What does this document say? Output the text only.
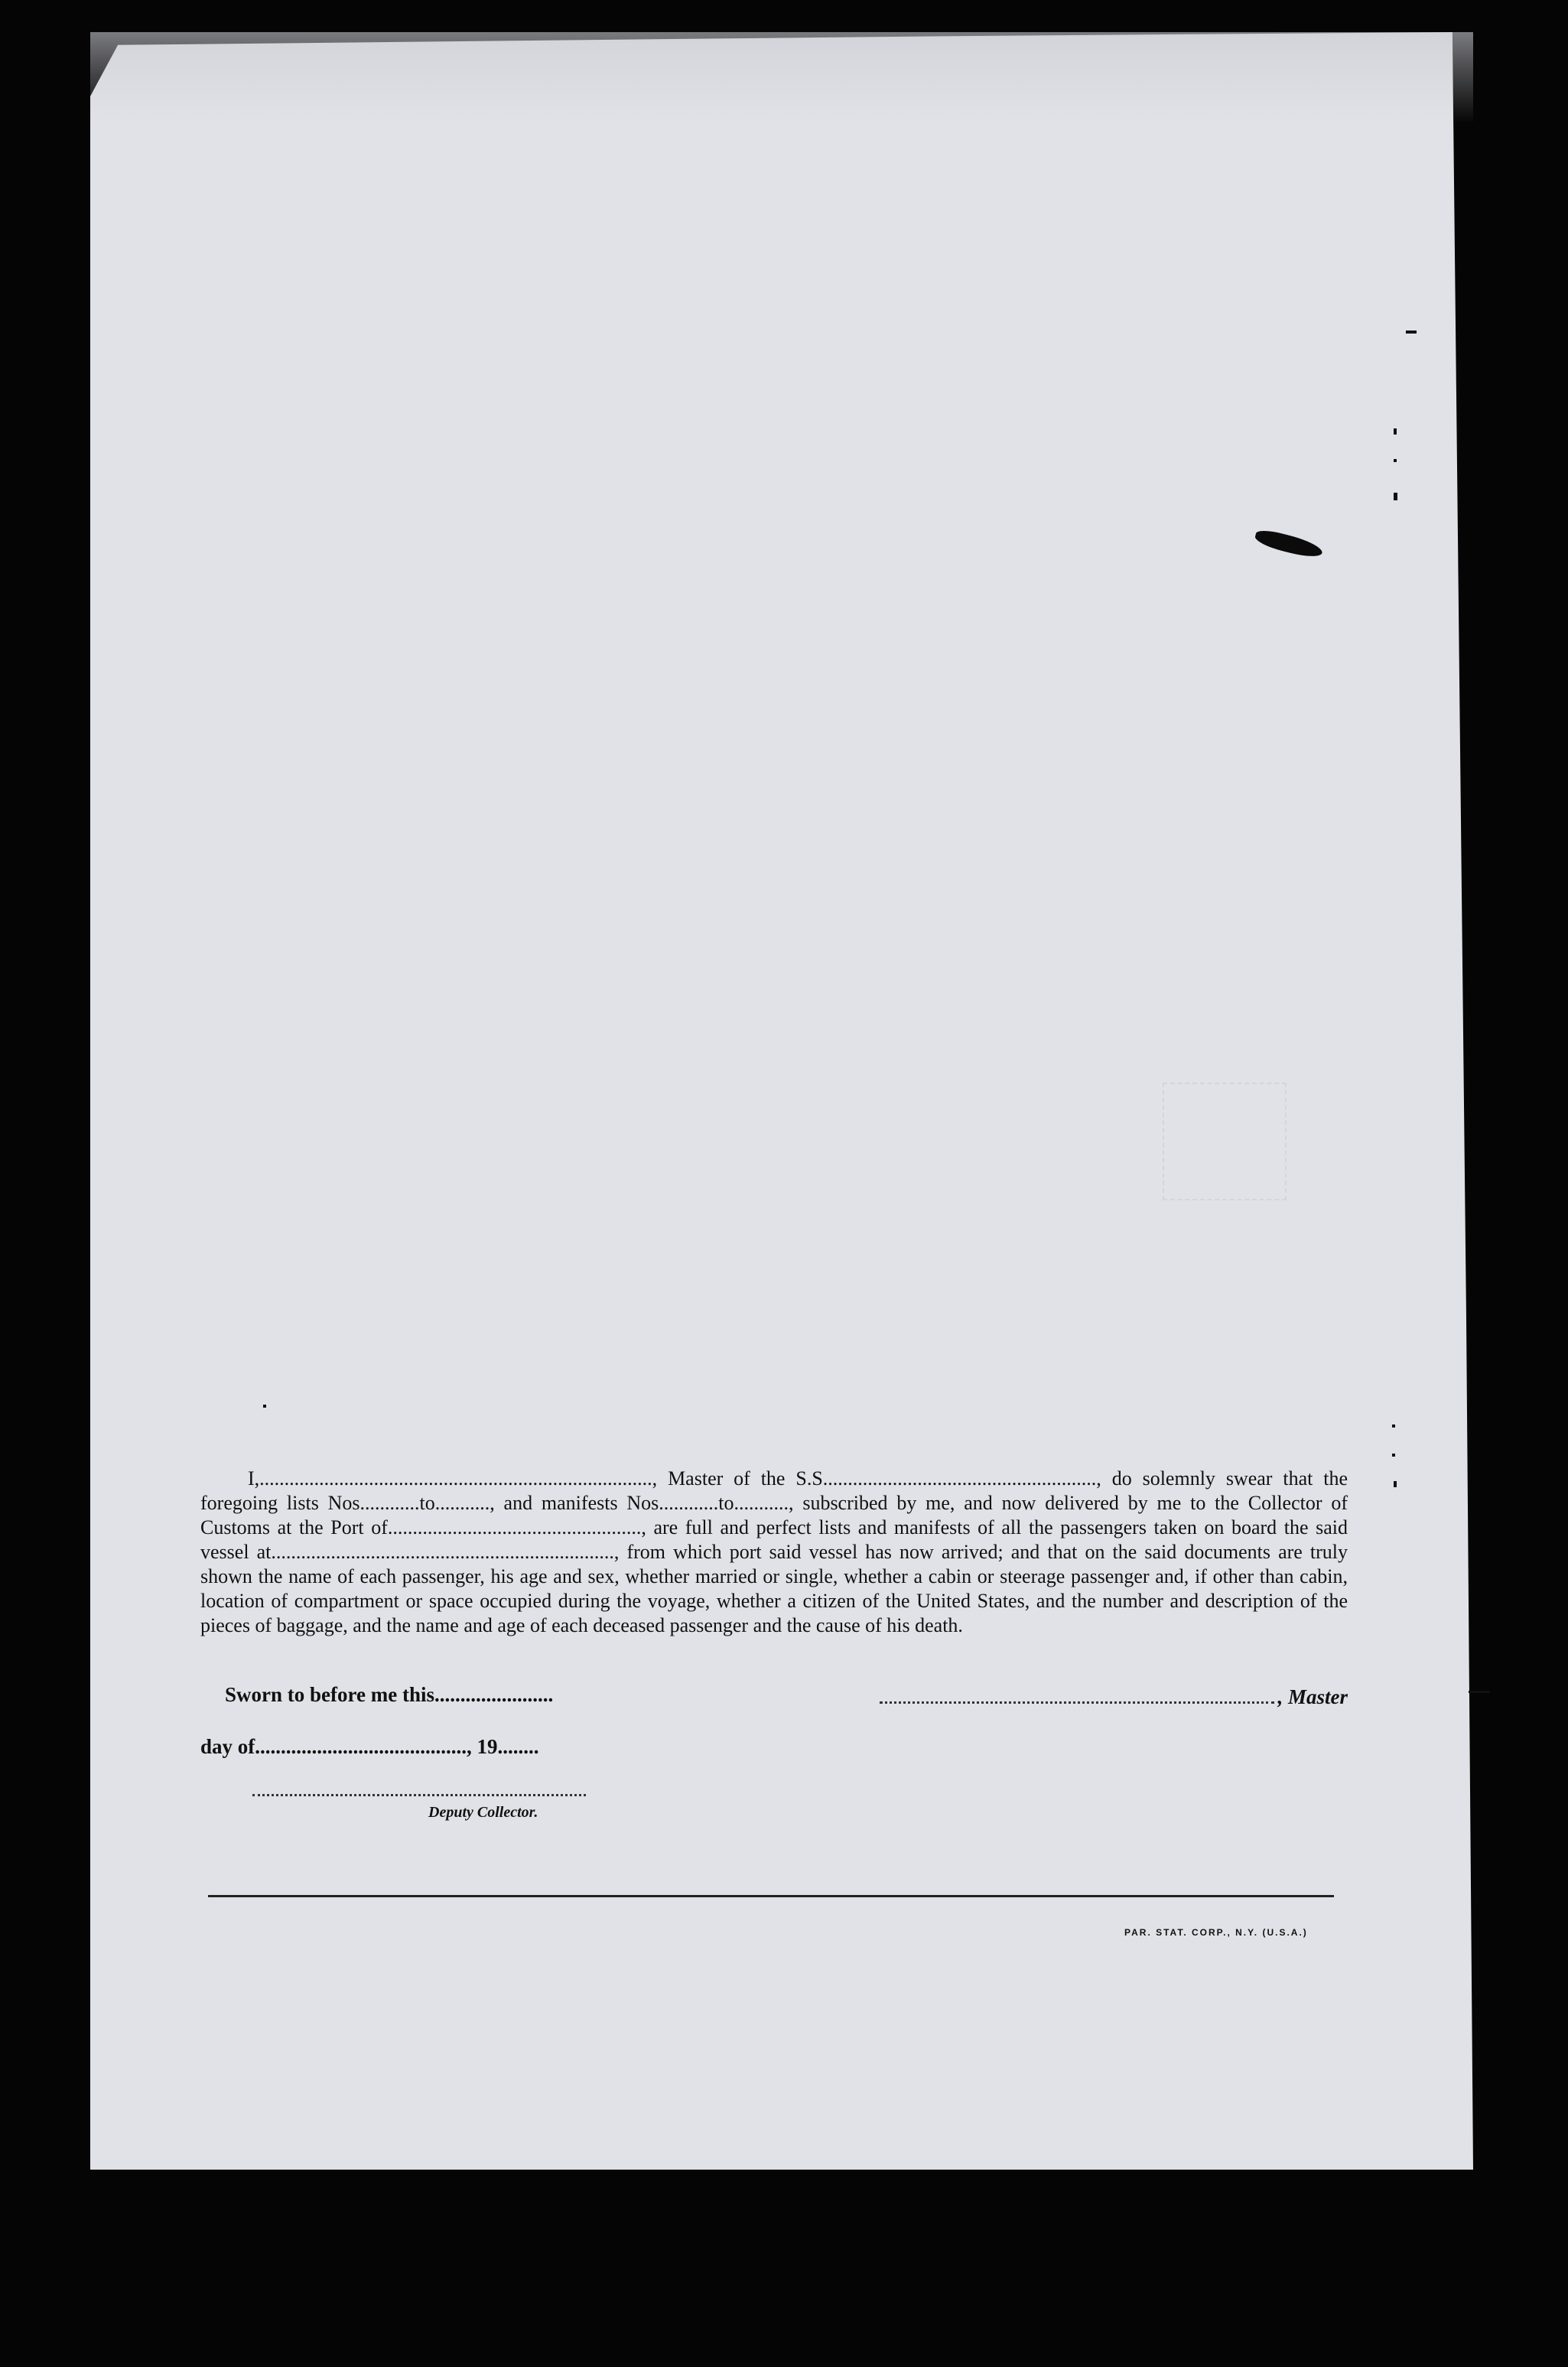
I,..............................................................................., Master of the S.S......................................................., do solemnly swear that the foregoing lists Nos............to..........., and manifests Nos............to..........., subscribed by me, and now delivered by me to the Collector of Customs at the Port of..................................................., are full and perfect lists and manifests of all the passengers taken on board the said vessel at....................................................................., from which port said vessel has now arrived; and that on the said documents are truly shown the name of each passenger, his age and sex, whether married or single, whether a cabin or steerage passenger and, if other than cabin, location of compartment or space occupied during the voyage, whether a citizen of the United States, and the number and description of the pieces of baggage, and the name and age of each deceased passenger and the cause of his death.
Sworn to before me this.......................	, Master
day of........................................., 19........
Deputy Collector.
PAR. STAT. CORP., N.Y. (U.S.A.)
